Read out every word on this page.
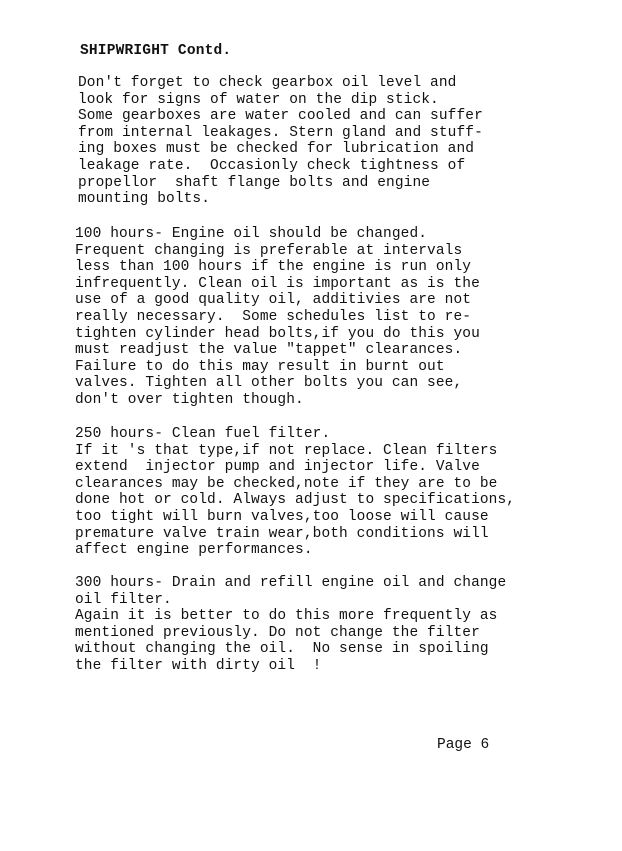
SHIPWRIGHT Contd.

Don't forget to check gearbox oil level and
look for signs of water on the dip stick.
Some gearboxes are water cooled and can suffer
from internal leakages. Stern gland and stuff-
ing boxes must be checked for lubrication and
leakage rate.  Occasionly check tightness of
propellor  shaft flange bolts and engine
mounting bolts.

100 hours- Engine oil should be changed.
Frequent changing is preferable at intervals
less than 100 hours if the engine is run only
infrequently. Clean oil is important as is the
use of a good quality oil, additivies are not
really necessary.  Some schedules list to re-
tighten cylinder head bolts,if you do this you
must readjust the value "tappet" clearances.
Failure to do this may result in burnt out
valves. Tighten all other bolts you can see,
don't over tighten though.

250 hours- Clean fuel filter.
If it 's that type,if not replace. Clean filters
extend  injector pump and injector life. Valve
clearances may be checked,note if they are to be
done hot or cold. Always adjust to specifications,
too tight will burn valves,too loose will cause
premature valve train wear,both conditions will
affect engine performances.

300 hours- Drain and refill engine oil and change
oil filter.
Again it is better to do this more frequently as
mentioned previously. Do not change the filter
without changing the oil.  No sense in spoiling
the filter with dirty oil  !

Page 6
